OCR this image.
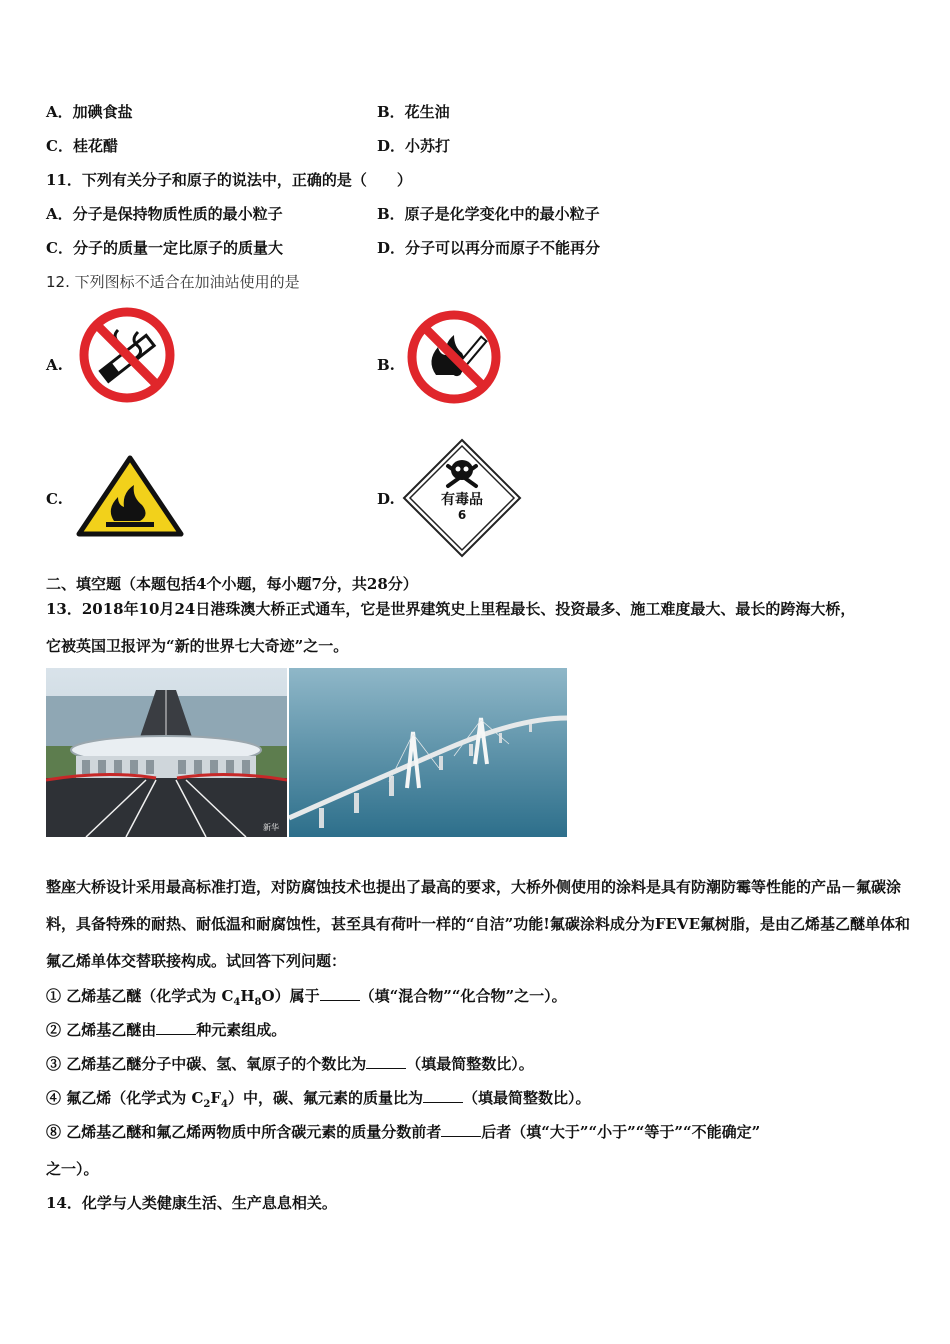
A．加碘食盐	B．花生油
C．桂花醋	D．小苏打
11．下列有关分子和原子的说法中，正确的是（　　）
A．分子是保持物质性质的最小粒子	B．原子是化学变化中的最小粒子
C．分子的质量一定比原子的质量大	D．分子可以再分而原子不能再分
12. 下列图标不适合在加油站使用的是
A.	B.
C.	D.	有毒品
6
二、填空题（本题包括4个小题，每小题7分，共28分）
13．2018年10月24日港珠澳大桥正式通车，它是世界建筑史上里程最长、投资最多、施工难度最大、最长的跨海大桥，
它被英国卫报评为“新的世界七大奇迹”之一。
新华
整座大桥设计采用最高标准打造，对防腐蚀技术也提出了最高的要求，大桥外侧使用的涂料是具有防潮防霉等性能的产品－氟碳涂料，具备特殊的耐热、耐低温和耐腐蚀性，甚至具有荷叶一样的“自洁”功能!氟碳涂料成分为FEVE氟树脂，是由乙烯基乙醚单体和氟乙烯单体交替联接构成。试回答下列问题：
① 乙烯基乙醚（化学式为 $C_4H_8O$）属于	（填“混合物”“化合物”之一）。
② 乙烯基乙醚由	种元素组成。
③ 乙烯基乙醚分子中碳、氢、氧原子的个数比为	（填最简整数比）。
④ 氟乙烯（化学式为 $C_2F_4$）中，碳、氟元素的质量比为	（填最简整数比）。
⑧ 乙烯基乙醚和氟乙烯两物质中所含碳元素的质量分数前者	后者（填“大于”“小于”“等于”“不能确定”
之一）。
14．化学与人类健康生活、生产息息相关。
